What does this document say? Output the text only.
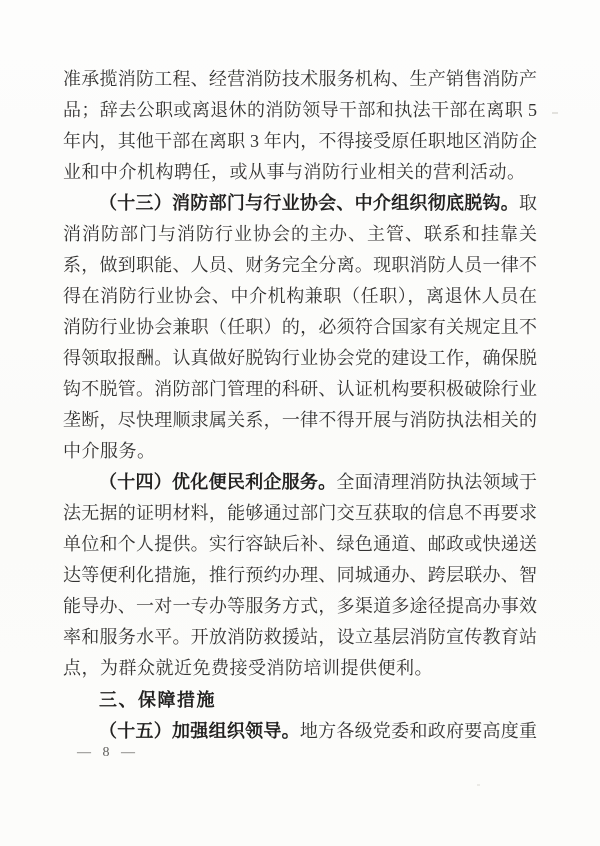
准承揽消防工程、经营消防技术服务机构、生产销售消防产
品；辞去公职或离退休的消防领导干部和执法干部在离职 5
年内，其他干部在离职 3 年内，不得接受原任职地区消防企
业和中介机构聘任，或从事与消防行业相关的营利活动。
（十三）消防部门与行业协会、中介组织彻底脱钩。取
消消防部门与消防行业协会的主办、主管、联系和挂靠关
系，做到职能、人员、财务完全分离。现职消防人员一律不
得在消防行业协会、中介机构兼职（任职），离退休人员在
消防行业协会兼职（任职）的，必须符合国家有关规定且不
得领取报酬。认真做好脱钩行业协会党的建设工作，确保脱
钩不脱管。消防部门管理的科研、认证机构要积极破除行业
垄断，尽快理顺隶属关系，一律不得开展与消防执法相关的
中介服务。
（十四）优化便民利企服务。全面清理消防执法领域于
法无据的证明材料，能够通过部门交互获取的信息不再要求
单位和个人提供。实行容缺后补、绿色通道、邮政或快递送
达等便利化措施，推行预约办理、同城通办、跨层联办、智
能导办、一对一专办等服务方式，多渠道多途径提高办事效
率和服务水平。开放消防救援站，设立基层消防宣传教育站
点，为群众就近免费接受消防培训提供便利。
三、保障措施
（十五）加强组织领导。地方各级党委和政府要高度重
— 8 —
